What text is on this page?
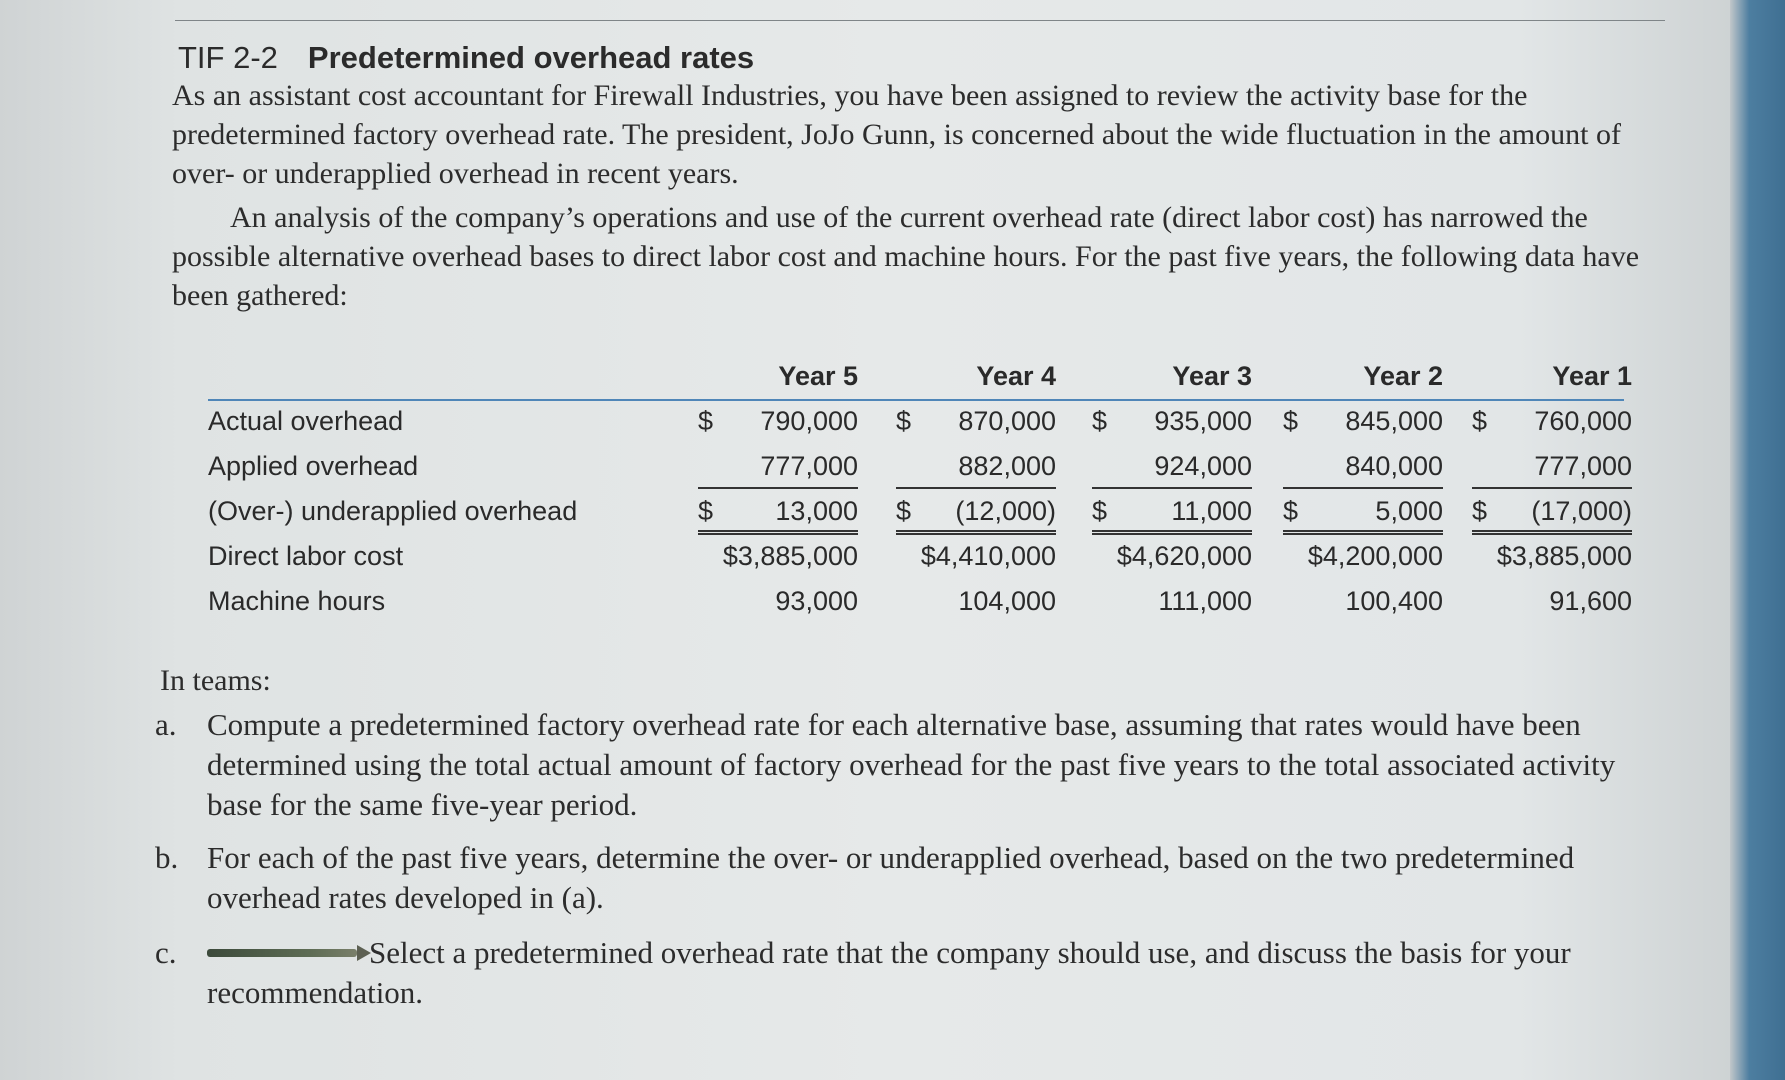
TIF 2-2 Predetermined overhead rates
As an assistant cost accountant for Firewall Industries, you have been assigned to review the activity base for the predetermined factory overhead rate. The president, JoJo Gunn, is concerned about the wide fluctuation in the amount of over- or underapplied overhead in recent years.
An analysis of the company’s operations and use of the current overhead rate (direct labor cost) has narrowed the possible alternative overhead bases to direct labor cost and machine hours. For the past five years, the following data have been gathered:
Year 5	Year 4	Year 3	Year 2	Year 1
Actual overhead	$ 790,000 $ 870,000 $ 935,000 $ 845,000 $ 760,000
Applied overhead	777,000	882,000	924,000	840,000	777,000
(Over-) underapplied overhead	$ 13,000 $ (12,000) $ 11,000 $	5,000 $ (17,000)
Direct labor cost	$3,885,000 $4,410,000 $4,620,000 $4,200,000 $3,885,000
Machine hours	93,000	104,000	111,000	100,400	91,600
In teams:
a. Compute a predetermined factory overhead rate for each alternative base, assuming that rates would have been determined using the total actual amount of factory overhead for the past five years to the total associated activity base for the same five-year period.
b. For each of the past five years, determine the over- or underapplied overhead, based on the two predetermined overhead rates developed in (a).
c.	Select a predetermined overhead rate that the company should use, and discuss the basis for your recommendation.
